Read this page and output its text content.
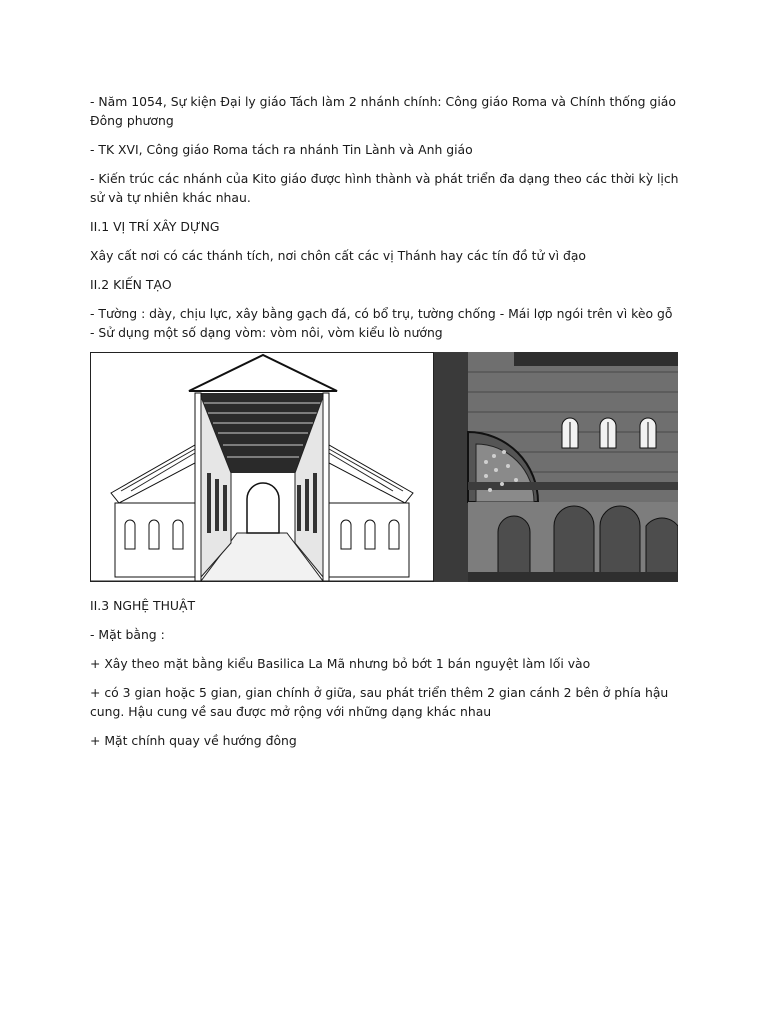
- Năm 1054, Sự kiện Đại ly giáo Tách làm 2 nhánh chính: Công giáo Roma và Chính thống giáo Đông phương

- TK XVI, Công giáo Roma tách ra nhánh Tin Lành và Anh giáo

- Kiến trúc các nhánh của Kito giáo được hình thành và phát triển đa dạng theo các thời kỳ lịch sử và tự nhiên khác nhau.

II.1 VỊ TRÍ XÂY DỰNG

Xây cất nơi có các thánh tích, nơi chôn cất các vị Thánh hay các tín đồ tử vì đạo

II.2 KIẾN TẠO

- Tường : dày, chịu lực, xây bằng gạch đá, có bổ trụ, tường chống - Mái lợp ngói trên vì kèo gỗ - Sử dụng một số dạng vòm: vòm nôi, vòm kiểu lò nướng

II.3 NGHỆ THUẬT

- Mặt bằng :

+ Xây theo mặt bằng kiểu Basilica La Mã nhưng bỏ bớt 1 bán nguyệt làm lối vào

+ có 3 gian hoặc 5 gian, gian chính ở giữa, sau phát triển thêm 2 gian cánh 2 bên ở phía hậu cung. Hậu cung về sau được mở rộng với những dạng khác nhau

+ Mặt chính quay về hướng đông
